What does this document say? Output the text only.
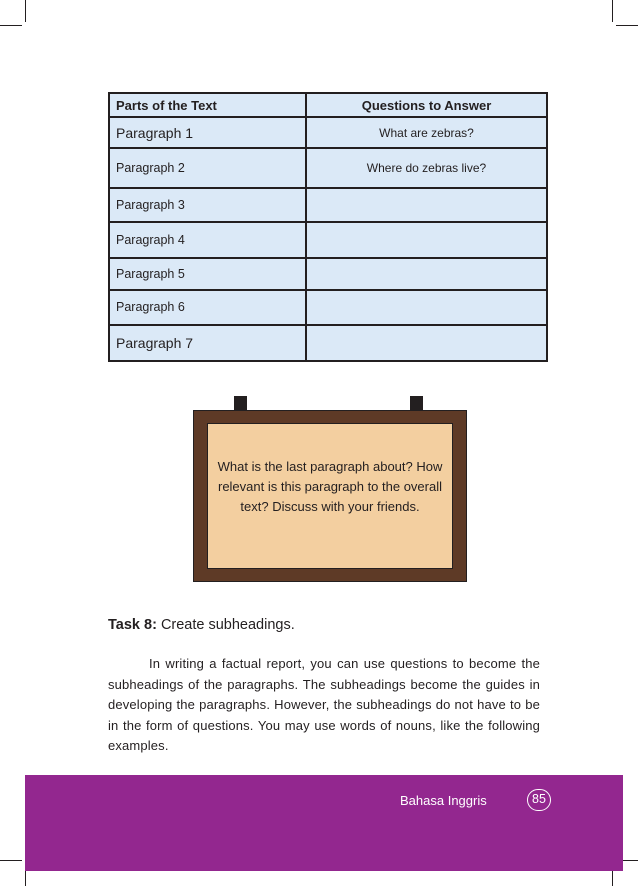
Parts of the Text	Questions to Answer
Paragraph 1	What are zebras?
Paragraph 2	Where do zebras live?
Paragraph 3	
Paragraph 4	
Paragraph 5	
Paragraph 6	
Paragraph 7	
What is the last paragraph about? How relevant is this paragraph to the overall text? Discuss with your friends.
Task 8: Create subheadings.

In writing a factual report, you can use questions to become the subheadings of the paragraphs. The subheadings become the guides in developing the paragraphs. However, the subheadings do not have to be in the form of questions. You may use words of nouns, like the following examples.

Bahasa Inggris	85
